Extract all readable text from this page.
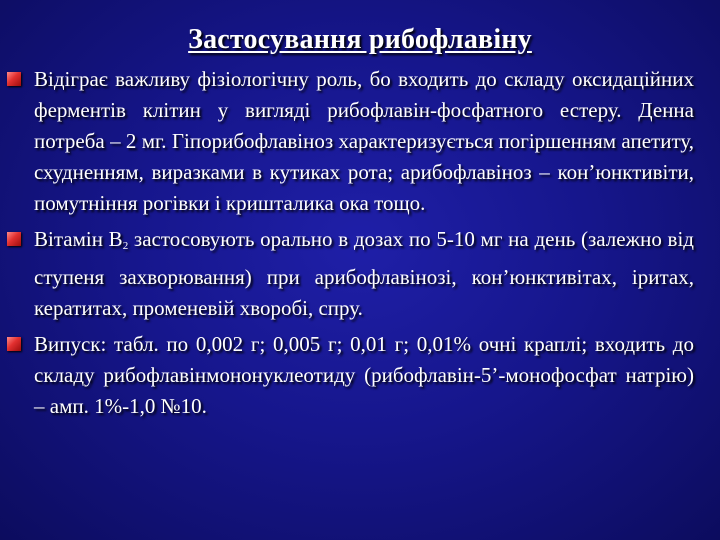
Застосування рибофлавіну
Відіграє важливу фізіологічну роль, бо входить до складу оксидаційних ферментів клітин у вигляді рибофлавін-фосфатного естеру. Денна потреба – 2 мг. Гіпорибофлавіноз характеризується погіршенням апетиту, схудненням, виразками в кутиках рота; арибофлавіноз – кон’юнктивіти, помутніння рогівки і кришталика ока тощо.
Вітамін $В_2$ застосовують орально в дозах по 5-10 мг на день (залежно від ступеня захворювання) при арибофлавінозі, кон’юнктивітах, іритах, кератитах, променевій хворобі, спру.
Випуск: табл. по 0,002 г; 0,005 г; 0,01 г; 0,01% очні краплі; входить до складу рибофлавінмононуклеотиду (рибофлавін-5’-монофосфат натрію) – амп. 1%-1,0 №10.
